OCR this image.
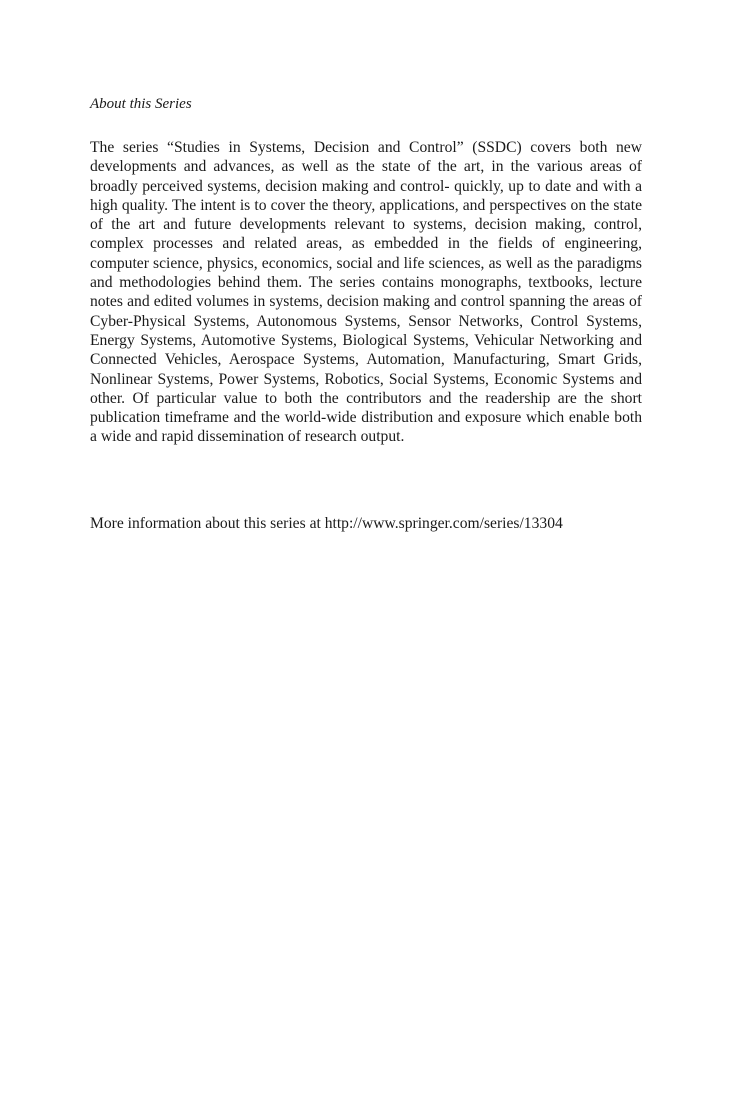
About this Series

The series “Studies in Systems, Decision and Control” (SSDC) covers both new developments and advances, as well as the state of the art, in the various areas of broadly perceived systems, decision making and control- quickly, up to date and with a high quality. The intent is to cover the theory, applications, and perspectives on the state of the art and future developments relevant to systems, decision making, control, complex processes and related areas, as embedded in the fields of engineering, computer science, physics, economics, social and life sciences, as well as the paradigms and methodologies behind them. The series contains monographs, textbooks, lecture notes and edited volumes in systems, decision making and control spanning the areas of Cyber-Physical Systems, Autonomous Systems, Sensor Networks, Control Systems, Energy Systems, Automotive Systems, Biological Systems, Vehicular Networking and Connected Vehicles, Aerospace Systems, Automation, Manufacturing, Smart Grids, Nonlinear Systems, Power Systems, Robotics, Social Systems, Economic Systems and other. Of particular value to both the contributors and the readership are the short publication timeframe and the world-wide distribution and exposure which enable both a wide and rapid dissemination of research output.

More information about this series at http://www.springer.com/series/13304
